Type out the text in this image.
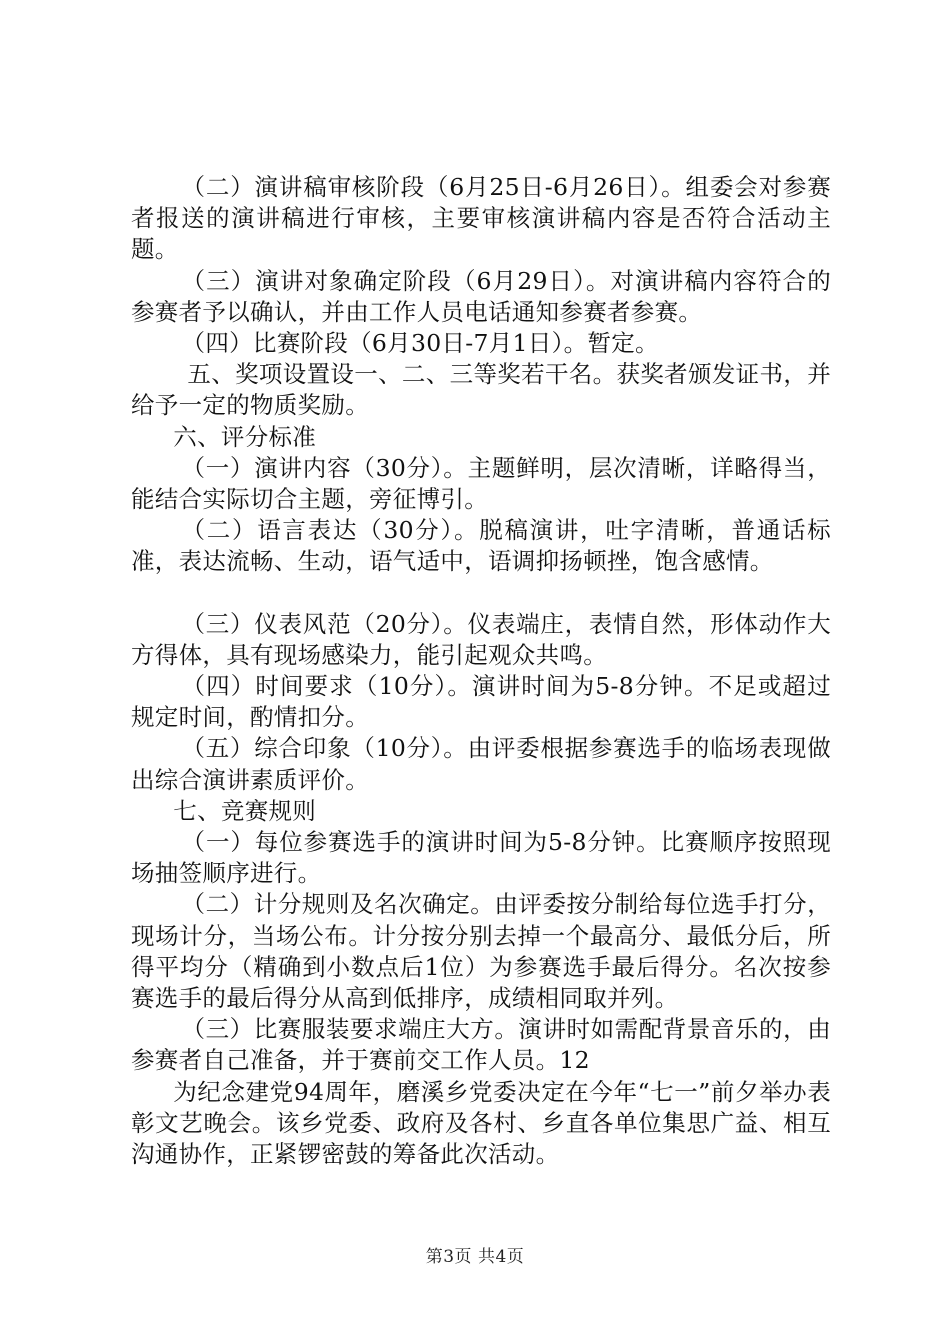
（二）演讲稿审核阶段（6月25日-6月26日）。组委会对参赛者报送的演讲稿进行审核，主要审核演讲稿内容是否符合活动主题。

（三）演讲对象确定阶段（6月29日）。对演讲稿内容符合的参赛者予以确认，并由工作人员电话通知参赛者参赛。

（四）比赛阶段（6月30日-7月1日）。暂定。

五、奖项设置设一、二、三等奖若干名。获奖者颁发证书，并给予一定的物质奖励。

六、评分标准

（一）演讲内容（30分）。主题鲜明，层次清晰，详略得当，能结合实际切合主题，旁征博引。

（二）语言表达（30分）。脱稿演讲，吐字清晰，普通话标准，表达流畅、生动，语气适中，语调抑扬顿挫，饱含感情。

（三）仪表风范（20分）。仪表端庄，表情自然，形体动作大方得体，具有现场感染力，能引起观众共鸣。

（四）时间要求（10分）。演讲时间为5-8分钟。不足或超过规定时间，酌情扣分。

（五）综合印象（10分）。由评委根据参赛选手的临场表现做出综合演讲素质评价。

七、竞赛规则

（一）每位参赛选手的演讲时间为5-8分钟。比赛顺序按照现场抽签顺序进行。

（二）计分规则及名次确定。由评委按分制给每位选手打分，现场计分，当场公布。计分按分别去掉一个最高分、最低分后，所得平均分（精确到小数点后1位）为参赛选手最后得分。名次按参赛选手的最后得分从高到低排序，成绩相同取并列。

（三）比赛服装要求端庄大方。演讲时如需配背景音乐的，由参赛者自己准备，并于赛前交工作人员。12

为纪念建党94周年，磨溪乡党委决定在今年“七一”前夕举办表彰文艺晚会。该乡党委、政府及各村、乡直各单位集思广益、相互沟通协作，正紧锣密鼓的筹备此次活动。

第3页 共4页
